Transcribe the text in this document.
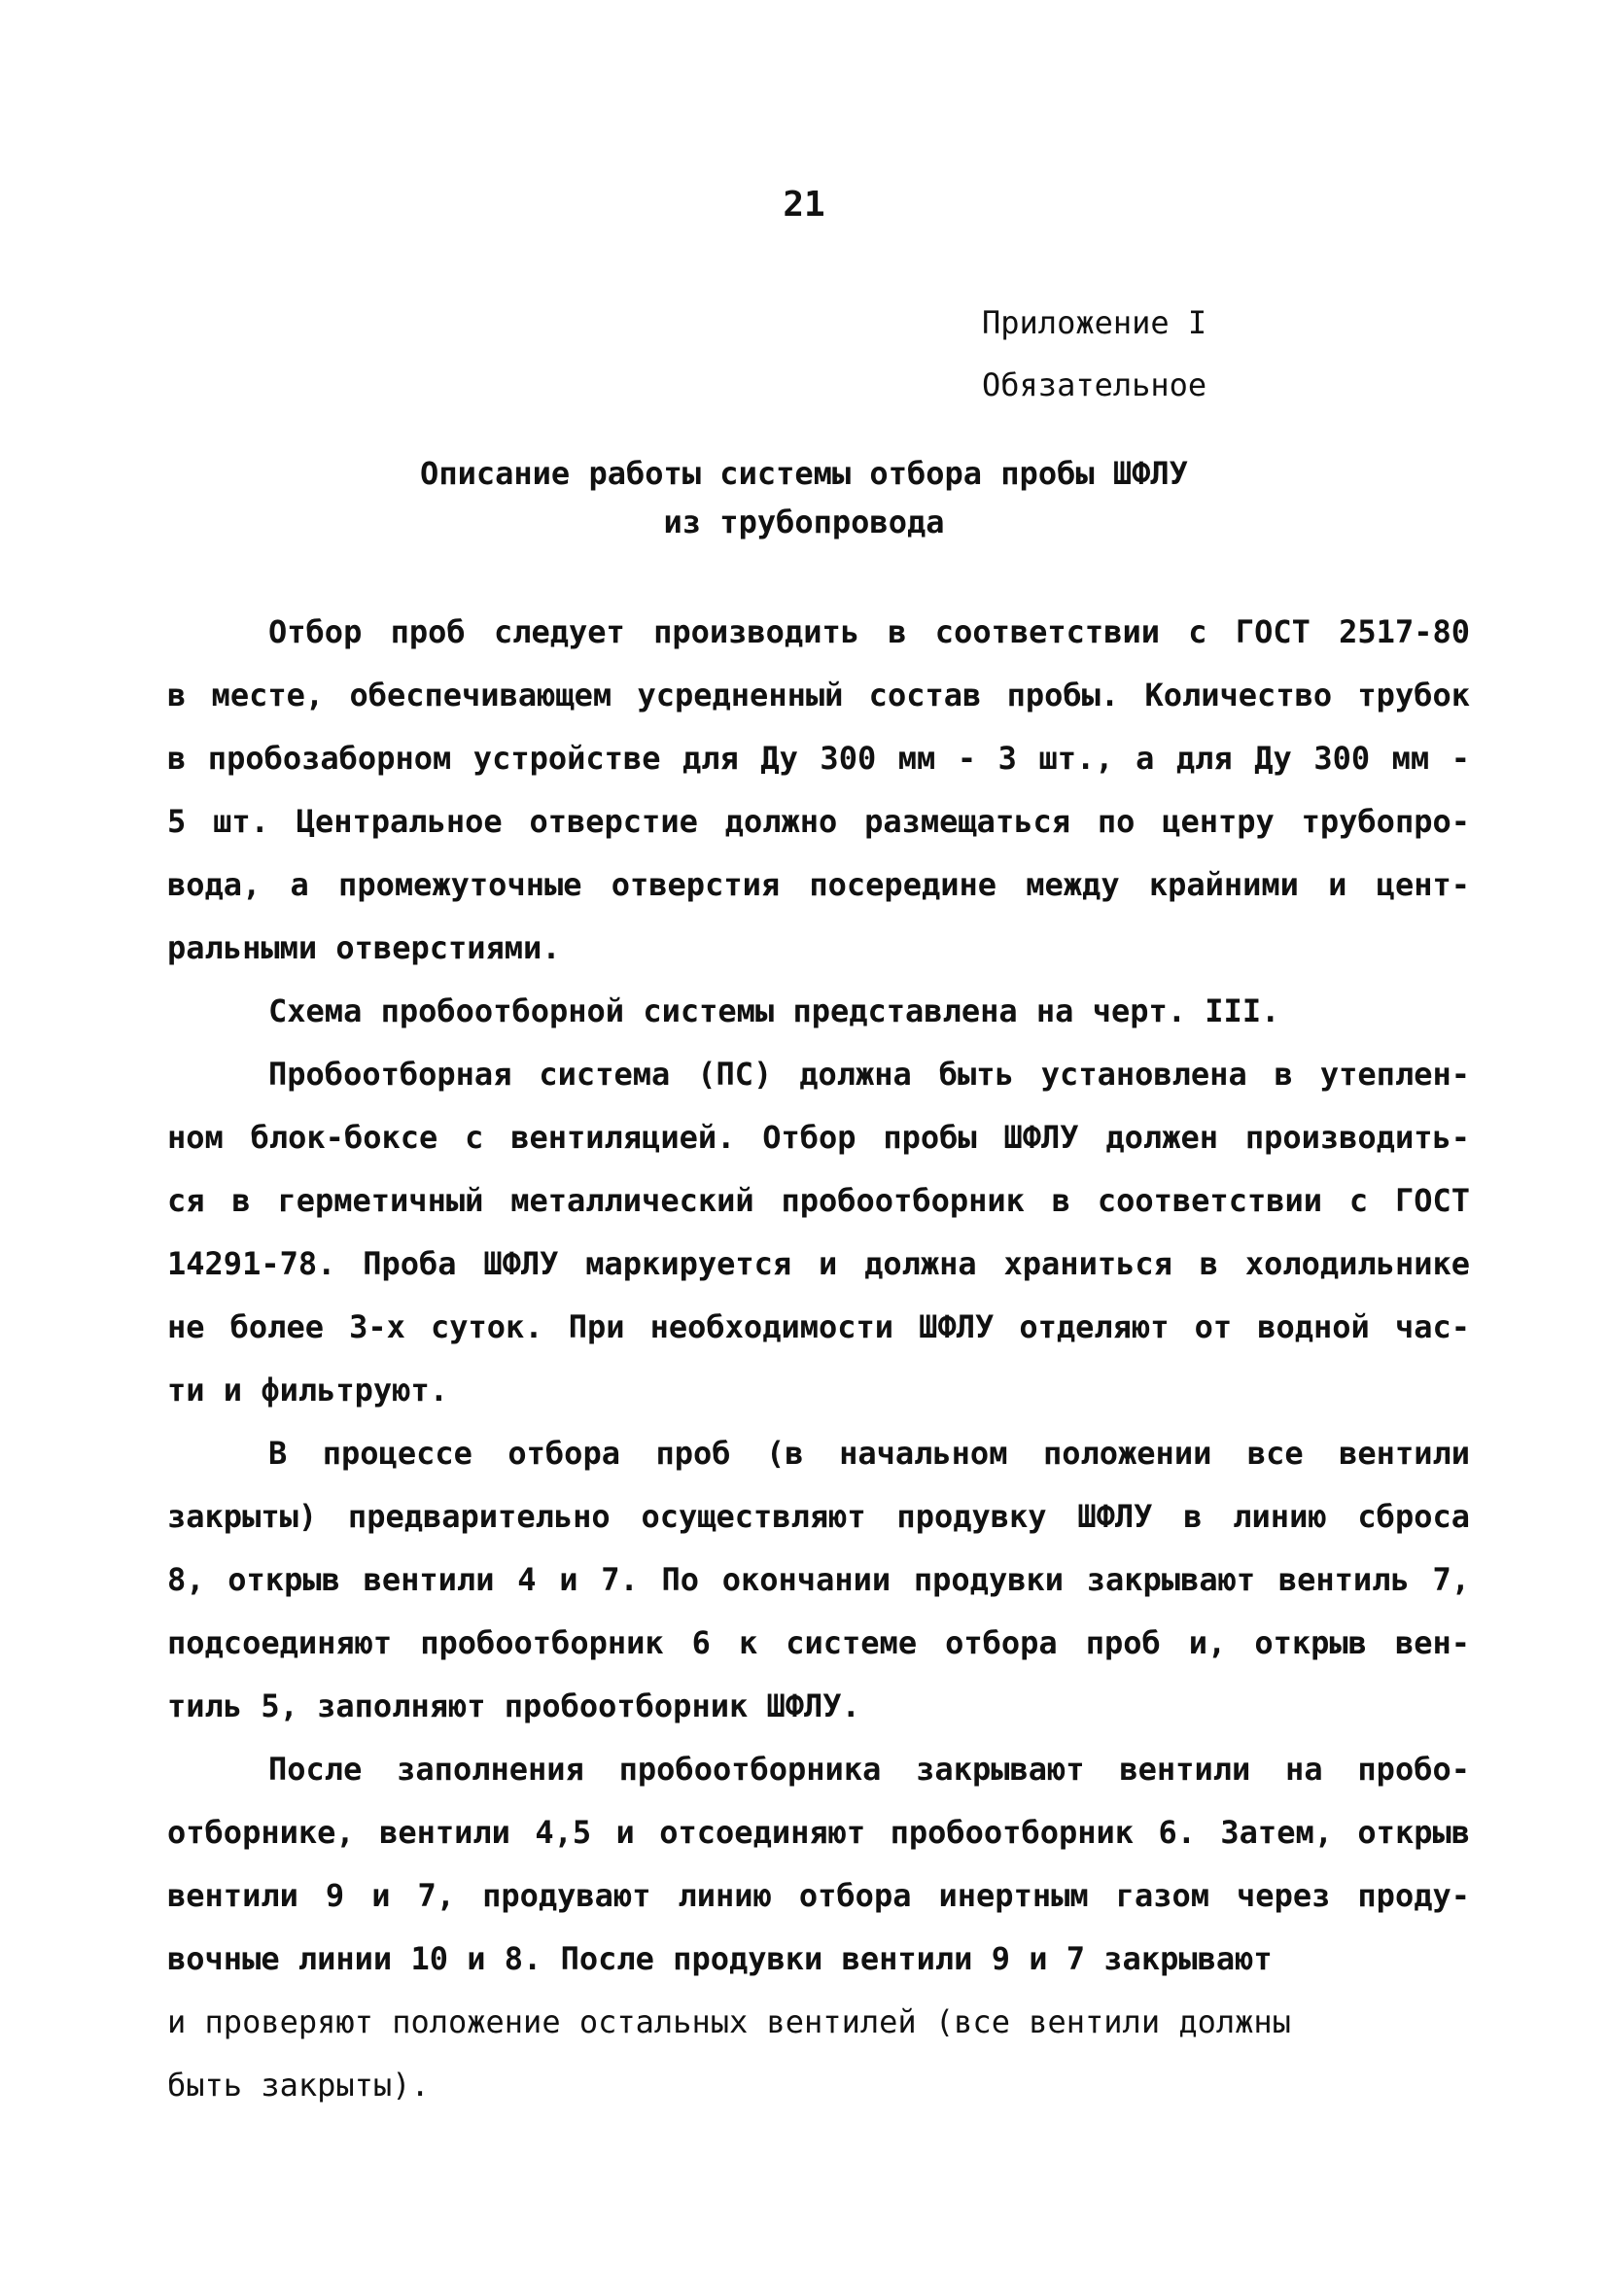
21
Приложение I
Обязательное
Описание работы системы отбора пробы ШФЛУ
из трубопровода
Отбор проб следует производить в соответствии с ГОСТ 2517-80
в месте, обеспечивающем усредненный состав пробы. Количество трубок
в пробозаборном устройстве для Ду 300 мм - 3 шт., а для Ду 300 мм -
5 шт. Центральное отверстие должно размещаться по центру трубопро-
вода, а промежуточные отверстия посередине между крайними и цент-
ральными отверстиями.
Схема пробоотборной системы представлена на черт. III.
Пробоотборная система (ПС) должна быть установлена в утеплен-
ном блок-боксе с вентиляцией. Отбор пробы ШФЛУ должен производить-
ся в герметичный металлический пробоотборник в соответствии с ГОСТ
14291-78. Проба ШФЛУ маркируется и должна храниться в холодильнике
не более 3-х суток. При необходимости ШФЛУ отделяют от водной час-
ти и фильтруют.
В процессе отбора проб (в начальном положении все вентили
закрыты) предварительно осуществляют продувку ШФЛУ в линию сброса
8, открыв вентили 4 и 7. По окончании продувки закрывают вентиль 7,
подсоединяют пробоотборник 6 к системе отбора проб и, открыв вен-
тиль 5, заполняют пробоотборник ШФЛУ.
После заполнения пробоотборника закрывают вентили на пробо-
отборнике, вентили 4,5 и отсоединяют пробоотборник 6. Затем, открыв
вентили 9 и 7, продувают линию отбора инертным газом через проду-
вочные линии 10 и 8. После продувки вентили 9 и 7 закрывают
и проверяют положение остальных вентилей (все вентили должны
быть закрыты).
